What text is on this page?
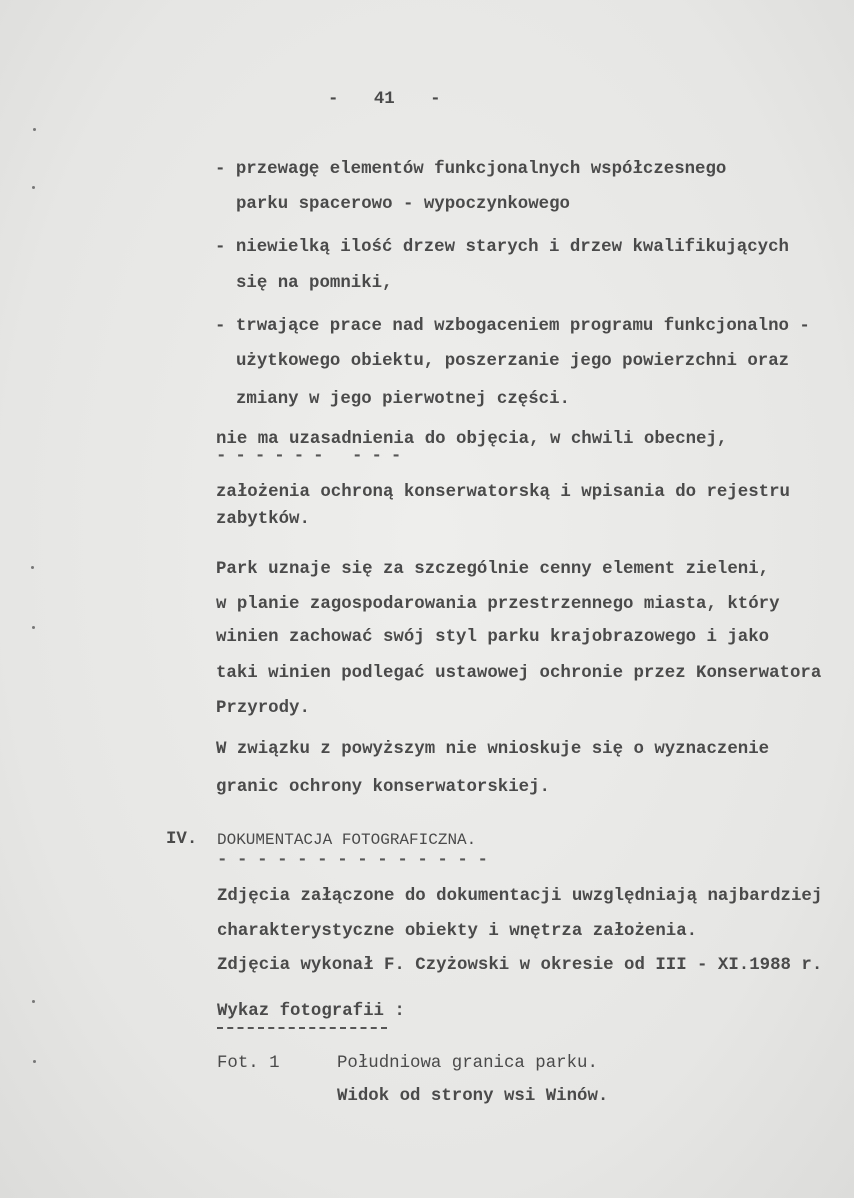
- 41 -
- przewagę elementów funkcjonalnych współczesnego
parku spacerowo - wypoczynkowego
- niewielką ilość drzew starych i drzew kwalifikujących
się na pomniki,
- trwające prace nad wzbogaceniem programu funkcjonalno -
użytkowego obiektu, poszerzanie jego powierzchni oraz
zmiany w jego pierwotnej części.
nie ma uzasadnienia do objęcia, w chwili obecnej,
------ ---
założenia ochroną konserwatorską i wpisania do rejestru
zabytków.
Park uznaje się za szczególnie cenny element zieleni,
w planie zagospodarowania przestrzennego miasta, który
winien zachować swój styl parku krajobrazowego i jako
taki winien podlegać ustawowej ochronie przez Konserwatora
Przyrody.
W związku z powyższym nie wnioskuje się o wyznaczenie
granic ochrony konserwatorskiej.
IV. DOKUMENTACJA FOTOGRAFICZNA.
--------------
Zdjęcia załączone do dokumentacji uwzględniają najbardziej
charakterystyczne obiekty i wnętrza założenia.
Zdjęcia wykonał F. Czyżowski w okresie od III - XI.1988 r.
Wykaz fotografii :
Fot. 1	Południowa granica parku.
Widok od strony wsi Winów.
